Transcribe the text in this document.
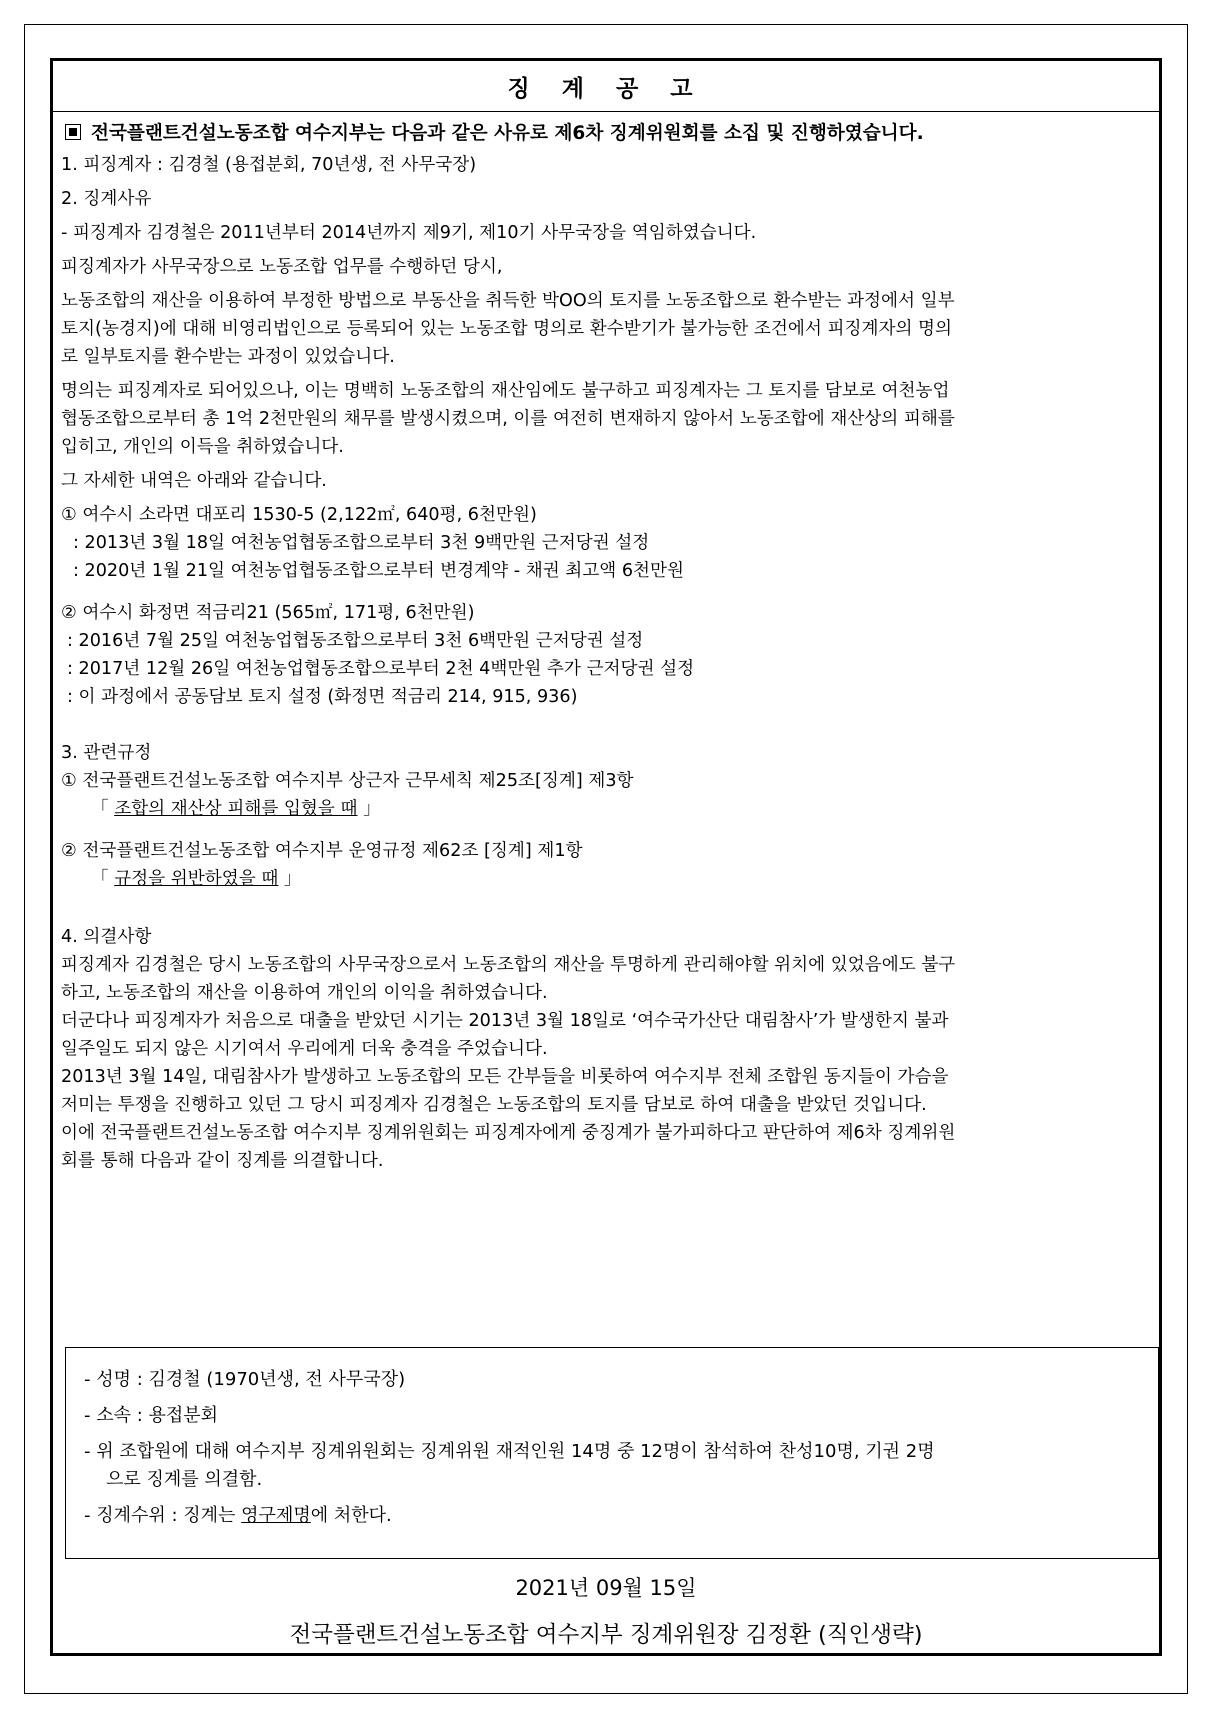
징 계 공 고
전국플랜트건설노동조합 여수지부는 다음과 같은 사유로 제6차 징계위원회를 소집 및 진행하였습니다.
1. 피징계자 : 김경철 (용접분회, 70년생, 전 사무국장)
2. 징계사유
- 피징계자 김경철은 2011년부터 2014년까지 제9기, 제10기 사무국장을 역임하였습니다.
피징계자가 사무국장으로 노동조합 업무를 수행하던 당시,
노동조합의 재산을 이용하여 부정한 방법으로 부동산을 취득한 박OO의 토지를 노동조합으로 환수받는 과정에서 일부
토지(농경지)에 대해 비영리법인으로 등록되어 있는 노동조합 명의로 환수받기가 불가능한 조건에서 피징계자의 명의
로 일부토지를 환수받는 과정이 있었습니다.
명의는 피징계자로 되어있으나, 이는 명백히 노동조합의 재산임에도 불구하고 피징계자는 그 토지를 담보로 여천농업
협동조합으로부터 총 1억 2천만원의 채무를 발생시켰으며, 이를 여전히 변재하지 않아서 노동조합에 재산상의 피해를
입히고, 개인의 이득을 취하였습니다.
그 자세한 내역은 아래와 같습니다.
① 여수시 소라면 대포리 1530-5 (2,122㎡, 640평, 6천만원)
: 2013년 3월 18일 여천농업협동조합으로부터 3천 9백만원 근저당권 설정
: 2020년 1월 21일 여천농업협동조합으로부터 변경계약 - 채권 최고액 6천만원
② 여수시 화정면 적금리21 (565㎡, 171평, 6천만원)
: 2016년 7월 25일 여천농업협동조합으로부터 3천 6백만원 근저당권 설정
: 2017년 12월 26일 여천농업협동조합으로부터 2천 4백만원 추가 근저당권 설정
: 이 과정에서 공동담보 토지 설정 (화정면 적금리 214, 915, 936)
3. 관련규정
① 전국플랜트건설노동조합 여수지부 상근자 근무세칙 제25조[징계] 제3항
「 조합의 재산상 피해를 입혔을 때 」
② 전국플랜트건설노동조합 여수지부 운영규정 제62조 [징계] 제1항
「 규정을 위반하였을 때 」
4. 의결사항
피징계자 김경철은 당시 노동조합의 사무국장으로서 노동조합의 재산을 투명하게 관리해야할 위치에 있었음에도 불구
하고, 노동조합의 재산을 이용하여 개인의 이익을 취하였습니다.
더군다나 피징계자가 처음으로 대출을 받았던 시기는 2013년 3월 18일로 ‘여수국가산단 대림참사’가 발생한지 불과
일주일도 되지 않은 시기여서 우리에게 더욱 충격을 주었습니다.
2013년 3월 14일, 대림참사가 발생하고 노동조합의 모든 간부들을 비롯하여 여수지부 전체 조합원 동지들이 가슴을
저미는 투쟁을 진행하고 있던 그 당시 피징계자 김경철은 노동조합의 토지를 담보로 하여 대출을 받았던 것입니다.
이에 전국플랜트건설노동조합 여수지부 징계위원회는 피징계자에게 중징계가 불가피하다고 판단하여 제6차 징계위원
회를 통해 다음과 같이 징계를 의결합니다.
- 성명 : 김경철 (1970년생, 전 사무국장)
- 소속 : 용접분회
- 위 조합원에 대해 여수지부 징계위원회는 징계위원 재적인원 14명 중 12명이 참석하여 찬성10명, 기권 2명
으로 징계를 의결함.
- 징계수위 : 징계는 영구제명에 처한다.
2021년 09월 15일
전국플랜트건설노동조합 여수지부 징계위원장 김정환 (직인생략)
